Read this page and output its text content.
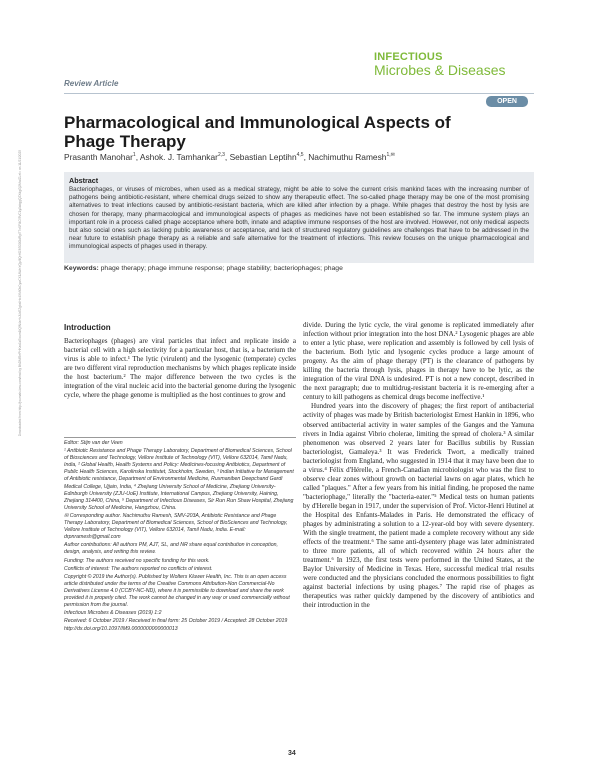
Downloaded from http://journals.lww.com/imd by BhDMf5ePHKav1zEoum1tQfN4a+kJLhEZgbsIHo4XMi0hCywCX1AWnYQp/IlQrHD3i3D0OdRyi7TvSFl4Cf3VC1y0abggQZXdgGj2MwlZLeI= on 11/21/2025
Review Article
INFECTIOUS
Microbes & Diseases
OPEN
Pharmacological and Immunological Aspects of Phage Therapy
Prasanth Manohar$^1$, Ashok. J. Tamhankar$^{2,3}$, Sebastian Leptihn$^{4,5}$, Nachimuthu Ramesh$^{1,✉}$
Abstract
Bacteriophages, or viruses of microbes, when used as a medical strategy, might be able to solve the current crisis mankind faces with the increasing number of pathogens being antibiotic-resistant, where chemical drugs seized to show any therapeutic effect. The so-called phage therapy may be one of the most promising alternatives to treat infections caused by antibiotic-resistant bacteria, which are killed after infection by a phage. While phages that destroy the host by lysis are chosen for therapy, many pharmacological and immunological aspects of phages as medicines have not been established so far. The immune system plays an important role in a process called phage acceptance where both, innate and adaptive immune responses of the host are involved. However, not only medical aspects but also social ones such as lacking public awareness or acceptance, and lack of structured regulatory guidelines are challenges that have to be addressed in the near future to establish phage therapy as a reliable and safe alternative for the treatment of infections. This review focuses on the unique pharmacological and immunological aspects of phages used in therapy.
Keywords: phage therapy; phage immune response; phage stability; bacteriophages; phage
Introduction

Bacteriophages (phages) are viral particles that infect and replicate inside a bacterial cell with a high selectivity for a particular host, that is, a bacterium the virus is able to infect.¹ The lytic (virulent) and the lysogenic (temperate) cycles are two different viral reproduction mechanisms by which phages replicate inside the host bacterium.² The major difference between the two cycles is the integration of the viral nucleic acid into the bacterial genome during the lysogenic cycle, where the phage genome is multiplied as the host continues to grow and

Editor: Stijn van der Veen

¹ Antibiotic Resistance and Phage Therapy Laboratory, Department of Biomedical Sciences, School of Biosciences and Technology, Vellore Institute of Technology (VIT), Vellore 632014, Tamil Nadu, India, ² Global Health, Health Systems and Policy: Medicines-focusing Antibiotics, Department of Public Health Sciences, Karolinska Institutet, Stockholm, Sweden, ³ Indian Initiative for Management of Antibiotic resistance, Department of Environmental Medicine, Ruxmaniben Deepchand Gardi Medical College, Ujjain, India, ⁴ Zhejiang University School of Medicine, Zhejiang University-Edinburgh University (ZJU-UoE) Institute, International Campus, Zhejiang University, Haining, Zhejiang 314400, China, ⁵ Department of Infectious Diseases, Sir Run Run Shaw Hospital, Zhejiang University School of Medicine, Hangzhou, China.

✉ Corresponding author. Nachimuthu Ramesh, SMV-203A, Antibiotic Resistance and Phage Therapy Laboratory, Department of Biomedical Sciences, School of BioSciences and Technology, Vellore Institute of Technology (VIT), Vellore 632014, Tamil Nadu, India. E-mail: drpnramesh@gmail.com

Author contributions: All authors PM, AJT, SL, and NR share equal contribution in conception, design, analysis, and writing this review.

Funding: The authors received no specific funding for this work.

Conflicts of interest: The authors reported no conflicts of interest.

Copyright © 2019 the Author(s). Published by Wolters Kluwer Health, Inc. This is an open access article distributed under the terms of the Creative Commons Attribution-Non Commercial-No Derivatives License 4.0 (CCBY-NC-ND), where it is permissible to download and share the work provided it is properly cited. The work cannot be changed in any way or used commercially without permission from the journal.

Infectious Microbes & Diseases (2019) 1:2

Received: 6 October 2019 / Received in final form: 25 October 2019 / Accepted: 28 October 2019

http://dx.doi.org/10.1097/IM9.0000000000000013

divide. During the lytic cycle, the viral genome is replicated immediately after infection without prior integration into the host DNA.² Lysogenic phages are able to enter a lytic phase, were replication and assembly is followed by cell lysis of the bacterium. Both lytic and lysogenic cycles produce a large amount of progeny. As the aim of phage therapy (PT) is the clearance of pathogens by killing the bacteria through lysis, phages in therapy have to be lytic, as the integration of the viral DNA is undesired. PT is not a new concept, described in the next paragraph; due to multidrug-resistant bacteria it is re-emerging after a century to kill pathogens as chemical drugs become ineffective.¹

Hundred years into the discovery of phages; the first report of antibacterial activity of phages was made by British bacteriologist Ernest Hankin in 1896, who observed antibacterial activity in water samples of the Ganges and the Yamuna rivers in India against Vibrio cholerae, limiting the spread of cholera.³ A similar phenomenon was observed 2 years later for Bacillus subtilis by Russian bacteriologist, Gamaleya.³ It was Frederick Twort, a medically trained bacteriologist from England, who suggested in 1914 that it may have been due to a virus.⁴ Félix d'Hérelle, a French-Canadian microbiologist who was the first to observe clear zones without growth on bacterial lawns on agar plates, which he called "plaques." After a few years from his initial finding, he proposed the name "bacteriophage," literally the "bacteria-eater."⁵ Medical tests on human patients by d'Herelle began in 1917, under the supervision of Prof. Victor-Henri Hutinel at the Hospital des Enfants-Malades in Paris. He demonstrated the efficacy of phages by administrating a solution to a 12-year-old boy with severe dysentery. With the single treatment, the patient made a complete recovery without any side effects of the treatment.⁶ The same anti-dysentery phage was later administrated to three more patients, all of which recovered within 24 hours after the treatment.⁶ In 1923, the first tests were performed in the United States, at the Baylor University of Medicine in Texas. Here, successful medical trial results were conducted and the physicians concluded the enormous possibilities to fight against bacterial infections by using phages.⁷ The rapid rise of phages as therapeutics was rather quickly dampened by the discovery of antibiotics and their introduction in the

34
